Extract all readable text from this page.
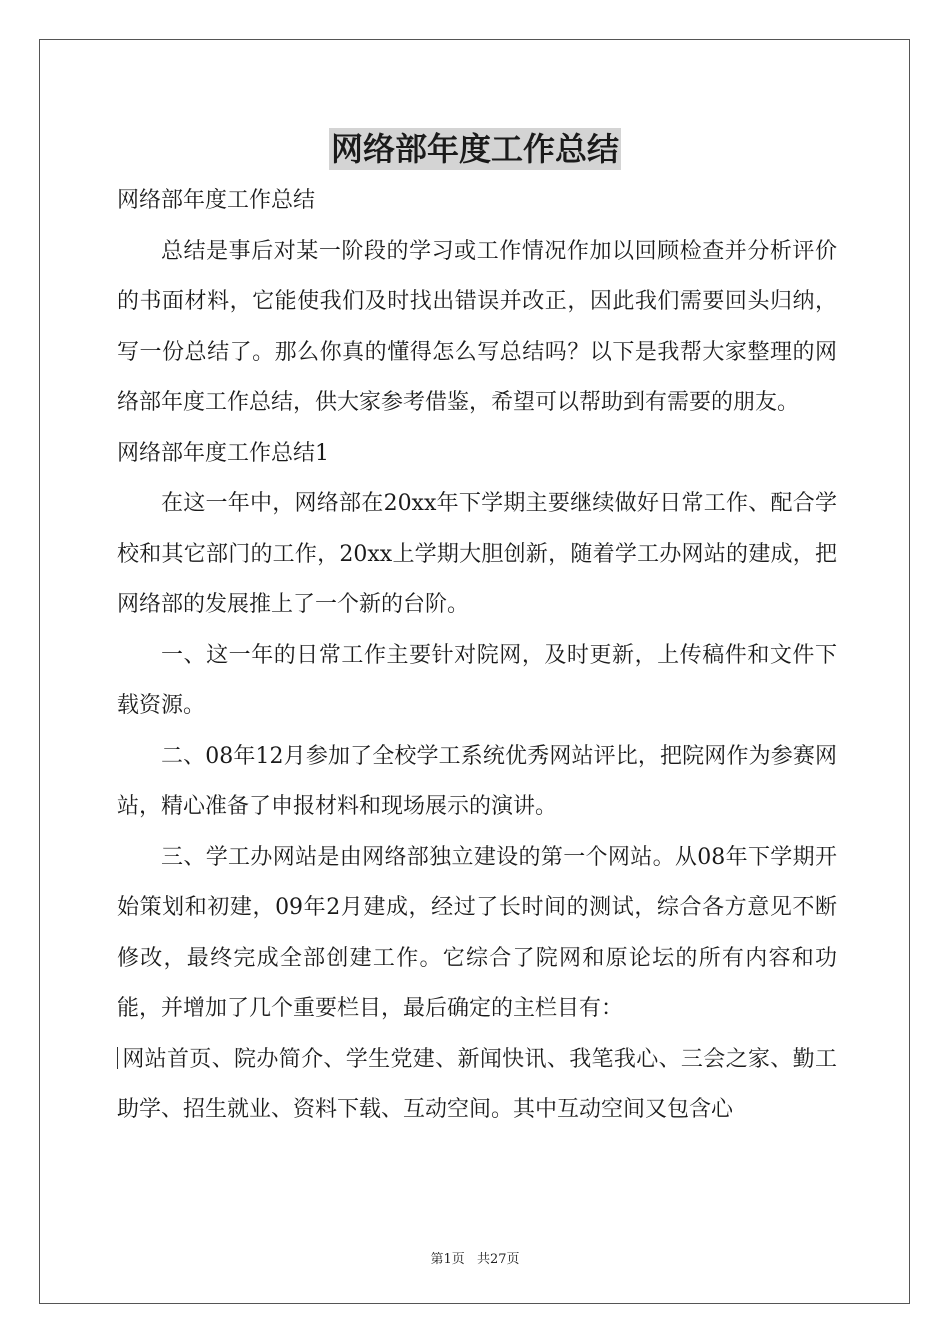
网络部年度工作总结

网络部年度工作总结

总结是事后对某一阶段的学习或工作情况作加以回顾检查并分析评价的书面材料，它能使我们及时找出错误并改正，因此我们需要回头归纳，写一份总结了。那么你真的懂得怎么写总结吗？以下是我帮大家整理的网络部年度工作总结，供大家参考借鉴，希望可以帮助到有需要的朋友。

网络部年度工作总结1

在这一年中，网络部在20xx年下学期主要继续做好日常工作、配合学校和其它部门的工作，20xx上学期大胆创新，随着学工办网站的建成，把网络部的发展推上了一个新的台阶。

一、这一年的日常工作主要针对院网，及时更新，上传稿件和文件下载资源。

二、08年12月参加了全校学工系统优秀网站评比，把院网作为参赛网站，精心准备了申报材料和现场展示的演讲。

三、学工办网站是由网络部独立建设的第一个网站。从08年下学期开始策划和初建，09年2月建成，经过了长时间的测试，综合各方意见不断修改，最终完成全部创建工作。它综合了院网和原论坛的所有内容和功能，并增加了几个重要栏目，最后确定的主栏目有：

网站首页、院办简介、学生党建、新闻快讯、我笔我心、三会之家、勤工助学、招生就业、资料下载、互动空间。其中互动空间又包含心

第1页 共27页
